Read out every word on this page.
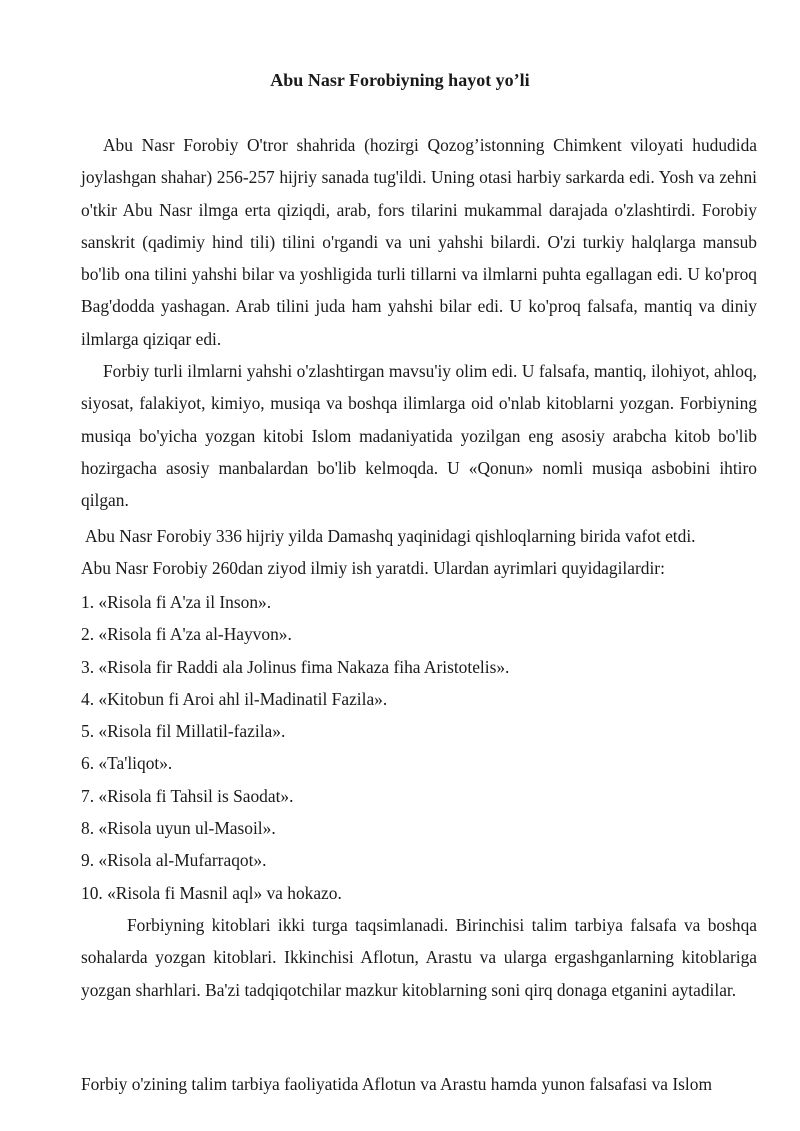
Abu Nasr Forobiyning hayot yo’li

Abu Nasr Forobiy O'tror shahrida (hozirgi Qozog’istonning Chimkent viloyati hududida joylashgan shahar) 256-257 hijriy sanada tug'ildi. Uning otasi harbiy sarkarda edi. Yosh va zehni o'tkir Abu Nasr ilmga erta qiziqdi, arab, fors tilarini mukammal darajada o'zlashtirdi. Forobiy sanskrit (qadimiy hind tili) tilini o'rgandi va uni yahshi bilardi. O'zi turkiy halqlarga mansub bo'lib ona tilini yahshi bilar va yoshligida turli tillarni va ilmlarni puhta egallagan edi. U ko'proq Bag'dodda yashagan. Arab tilini juda ham yahshi bilar edi. U ko'proq falsafa, mantiq va diniy ilmlarga qiziqar edi.

Forbiy turli ilmlarni yahshi o'zlashtirgan mavsu'iy olim edi. U falsafa, mantiq, ilohiyot, ahloq, siyosat, falakiyot, kimiyo, musiqa va boshqa ilimlarga oid o'nlab kitoblarni yozgan. Forbiyning musiqa bo'yicha yozgan kitobi Islom madaniyatida yozilgan eng asosiy arabcha kitob bo'lib hozirgacha asosiy manbalardan bo'lib kelmoqda. U «Qonun» nomli musiqa asbobini ihtiro qilgan.

Abu Nasr Forobiy 336 hijriy yilda Damashq yaqinidagi qishloqlarning birida vafot etdi.

Abu Nasr Forobiy 260dan ziyod ilmiy ish yaratdi. Ulardan ayrimlari quyidagilardir:

1. «Risola fi A'za il Inson».
2. «Risola fi A'za al-Hayvon».
3. «Risola fir Raddi ala Jolinus fima Nakaza fiha Aristotelis».
4. «Kitobun fi Aroi ahl il-Madinatil Fazila».
5. «Risola fil Millatil-fazila».
6. «Ta'liqot».
7. «Risola fi Tahsil is Saodat».
8. «Risola uyun ul-Masoil».
9. «Risola al-Mufarraqot».
10. «Risola fi Masnil aql» va hokazo.

Forbiyning kitoblari ikki turga taqsimlanadi. Birinchisi talim tarbiya falsafa va boshqa sohalarda yozgan kitoblari. Ikkinchisi Aflotun, Arastu va ularga ergashganlarning kitoblariga yozgan sharhlari. Ba'zi tadqiqotchilar mazkur kitoblarning soni qirq donaga etganini aytadilar.

Forbiy o'zining talim tarbiya faoliyatida Aflotun va Arastu hamda yunon falsafasi va Islom
